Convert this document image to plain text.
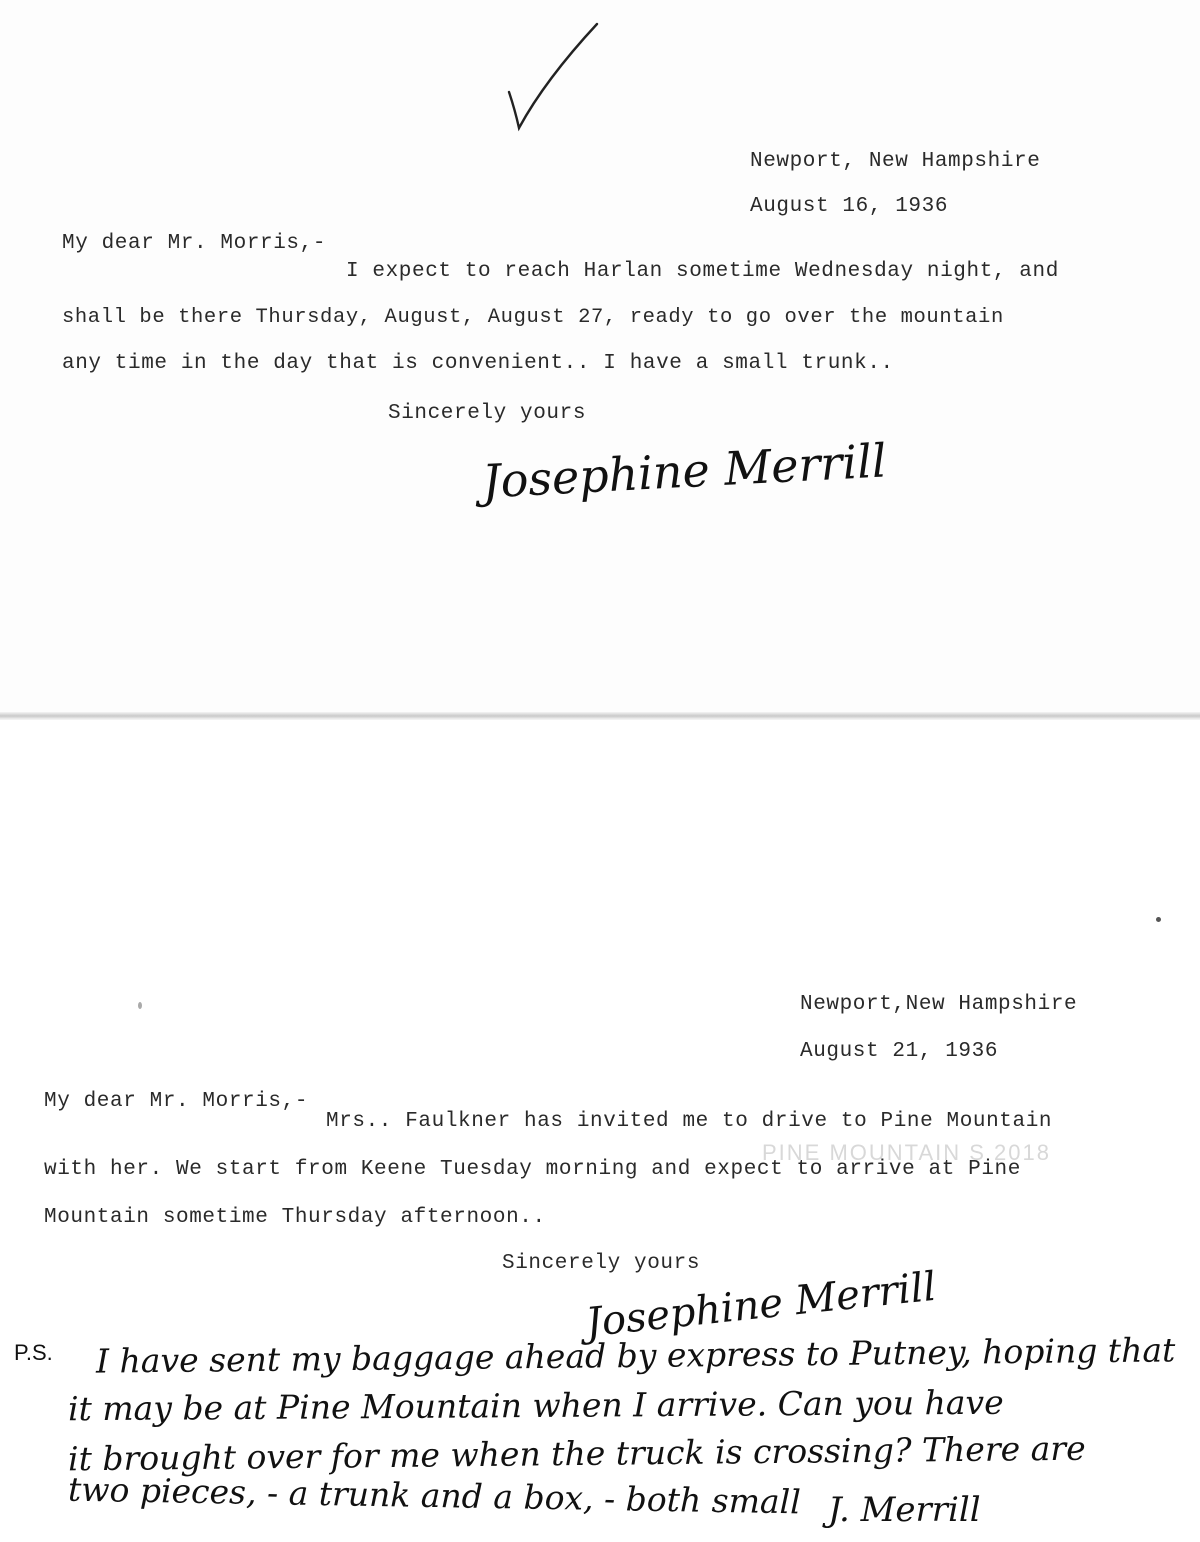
Newport, New Hampshire
August 16, 1936
My dear Mr. Morris,-
I expect to reach Harlan sometime Wednesday night, and
shall be there Thursday, August, August 27, ready to go over the mountain
any time in the day that is convenient.. I have a small trunk..
Sincerely yours
Josephine Merrill
Newport,New Hampshire
August 21, 1936
My dear Mr. Morris,-
Mrs.. Faulkner has invited me to drive to Pine Mountain
with her. We start from Keene Tuesday morning and expect to arrive at Pine
Mountain sometime Thursday afternoon..
Sincerely yours
Josephine Merrill
PINE MOUNTAIN S 2018
P.S. I have sent my baggage ahead by express to Putney, hoping that
it may be at Pine Mountain when I arrive. Can you have
it brought over for me when the truck is crossing? There are
two pieces, - a trunk and a box, - both small J. Merrill
